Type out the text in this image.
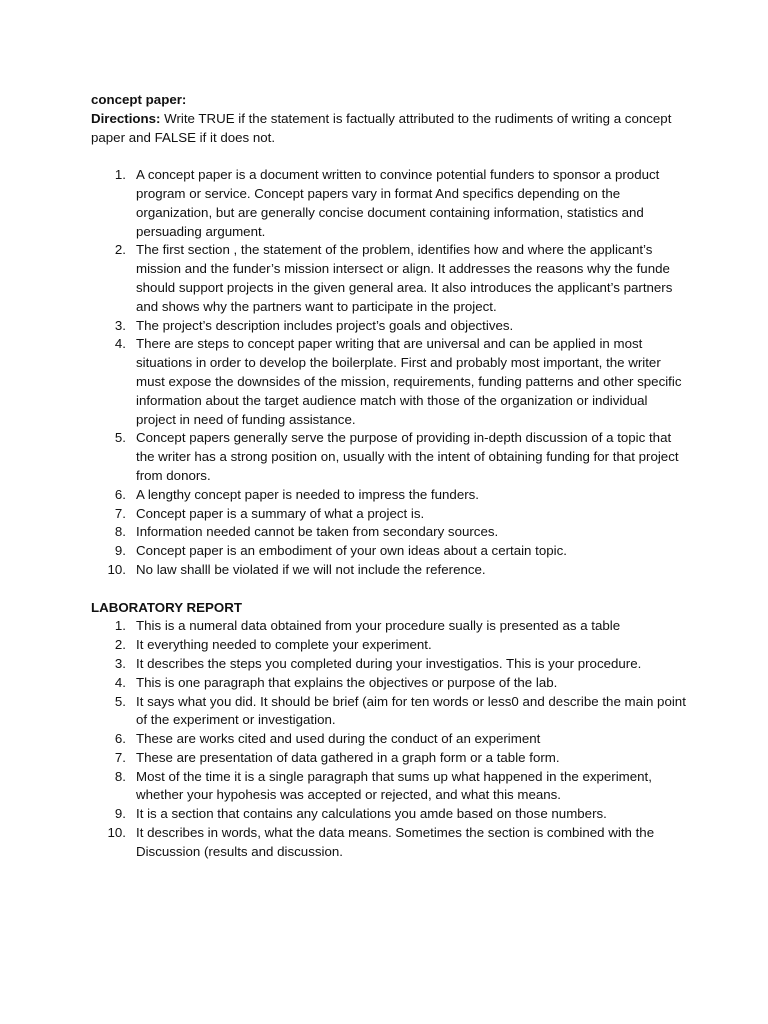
concept paper:

Directions: Write TRUE if the statement is factually attributed to the rudiments of writing a concept paper and FALSE if it does not.

1. A concept paper is a document written to convince potential funders to sponsor a product program or service. Concept papers vary in format And specifics depending on the organization, but are generally concise document containing information, statistics and persuading argument.
2. The first section , the statement of the problem, identifies how and where the applicant’s mission and the funder’s mission intersect or align. It addresses the reasons why the funde should support projects in the given general area. It also introduces the applicant’s partners and shows why the partners want to participate in the project.
3. The project’s description includes project’s goals and objectives.
4. There are steps to concept paper writing that are universal and can be applied in most situations in order to develop the boilerplate. First and probably most important, the writer must expose the downsides of the mission, requirements, funding patterns and other specific information about the target audience match with those of the organization or individual project in need of funding assistance.
5. Concept papers generally serve the purpose of providing in-depth discussion of a topic that the writer has a strong position on, usually with the intent of obtaining funding for that project from donors.
6. A lengthy concept paper is needed to impress the funders.
7. Concept paper is a summary of what a project is.
8. Information needed cannot be taken from secondary sources.
9. Concept paper is an embodiment of your own ideas about a certain topic.
10. No law shalll be violated if we will not include the reference.

LABORATORY REPORT

1. This is a numeral data obtained from your procedure sually is presented as a table
2. It everything needed to complete your experiment.
3. It describes the steps you completed during your investigatios. This is your procedure.
4. This is one paragraph that explains the objectives or purpose of the lab.
5. It says what you did. It should be brief (aim for ten words or less0 and describe the main point of the experiment or investigation.
6. These are works cited and used during the conduct of an experiment
7. These are presentation of data gathered in a graph form or a table form.
8. Most of the time it is a single paragraph that sums up what happened in the experiment, whether your hypohesis was accepted or rejected, and what this means.
9. It is a section that contains any calculations you amde based on those numbers.
10. It describes in words, what the data means. Sometimes the section is combined with the Discussion (results and discussion.
